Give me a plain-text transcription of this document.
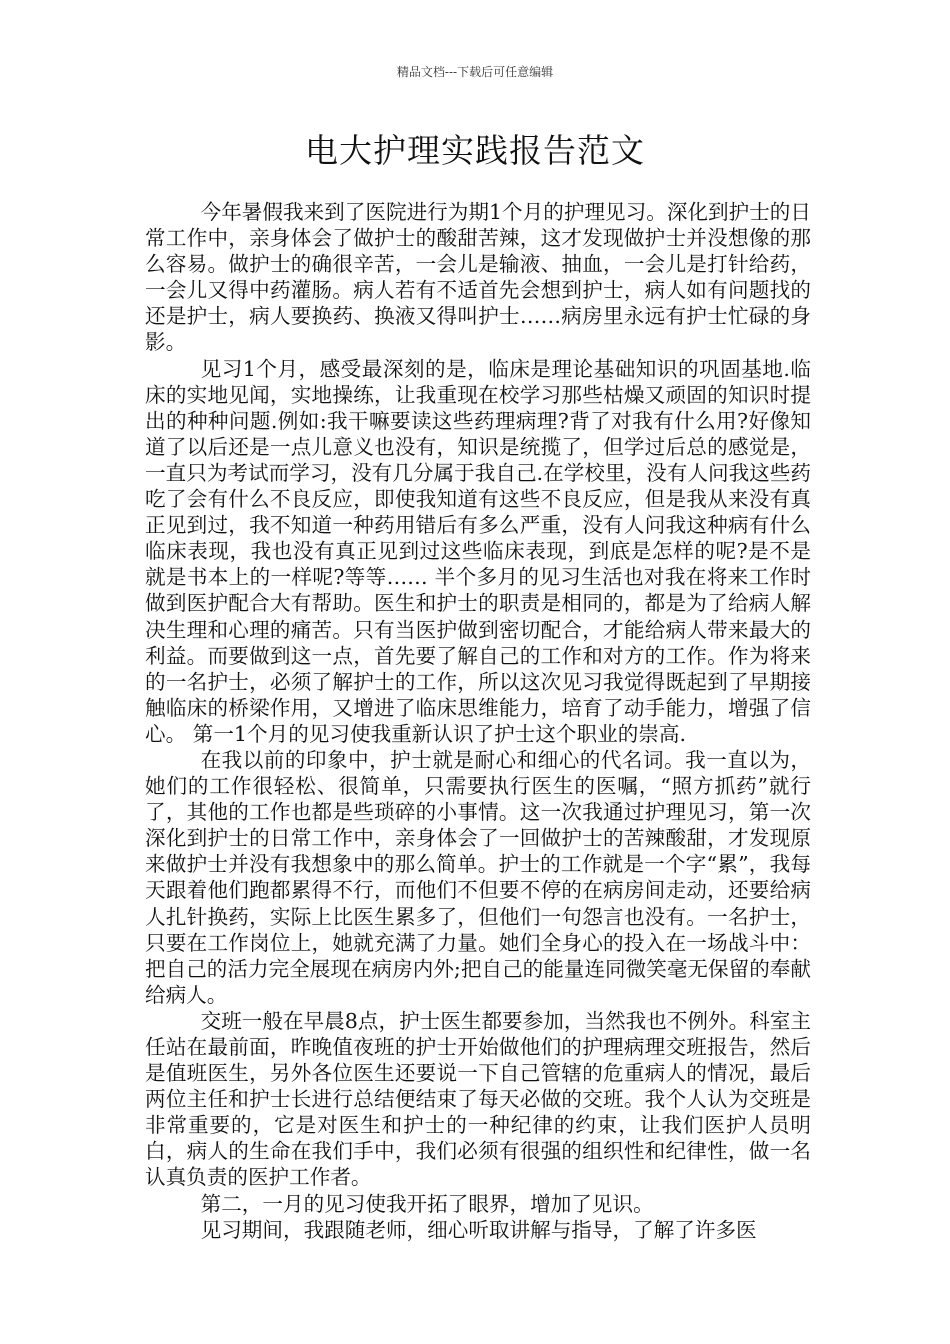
精品文档---下载后可任意编辑
电大护理实践报告范文

今年暑假我来到了医院进行为期1个月的护理见习。深化到护士的日常工作中，亲身体会了做护士的酸甜苦辣，这才发现做护士并没想像的那么容易。做护士的确很辛苦，一会儿是输液、抽血，一会儿是打针给药，一会儿又得中药灌肠。病人若有不适首先会想到护士，病人如有问题找的还是护士，病人要换药、换液又得叫护士……病房里永远有护士忙碌的身影。

见习1个月，感受最深刻的是，临床是理论基础知识的巩固基地.临床的实地见闻，实地操练，让我重现在校学习那些枯燥又顽固的知识时提出的种种问题.例如:我干嘛要读这些药理病理?背了对我有什么用?好像知道了以后还是一点儿意义也没有，知识是统揽了，但学过后总的感觉是，一直只为考试而学习，没有几分属于我自己.在学校里，没有人问我这些药吃了会有什么不良反应，即使我知道有这些不良反应，但是我从来没有真正见到过，我不知道一种药用错后有多么严重，没有人问我这种病有什么临床表现，我也没有真正见到过这些临床表现，到底是怎样的呢?是不是就是书本上的一样呢?等等…… 半个多月的见习生活也对我在将来工作时做到医护配合大有帮助。医生和护士的职责是相同的，都是为了给病人解决生理和心理的痛苦。只有当医护做到密切配合，才能给病人带来最大的利益。而要做到这一点，首先要了解自己的工作和对方的工作。作为将来的一名护士，必须了解护士的工作，所以这次见习我觉得既起到了早期接触临床的桥梁作用，又增进了临床思维能力，培育了动手能力，增强了信心。 第一1个月的见习使我重新认识了护士这个职业的崇高.

在我以前的印象中，护士就是耐心和细心的代名词。我一直以为，她们的工作很轻松、很简单，只需要执行医生的医嘱，“照方抓药”就行了，其他的工作也都是些琐碎的小事情。这一次我通过护理见习，第一次深化到护士的日常工作中，亲身体会了一回做护士的苦辣酸甜，才发现原来做护士并没有我想象中的那么简单。护士的工作就是一个字“累”，我每天跟着他们跑都累得不行，而他们不但要不停的在病房间走动，还要给病人扎针换药，实际上比医生累多了，但他们一句怨言也没有。一名护士，只要在工作岗位上，她就充满了力量。她们全身心的投入在一场战斗中：把自己的活力完全展现在病房内外;把自己的能量连同微笑毫无保留的奉献给病人。

交班一般在早晨8点，护士医生都要参加，当然我也不例外。科室主任站在最前面，昨晚值夜班的护士开始做他们的护理病理交班报告，然后是值班医生，另外各位医生还要说一下自己管辖的危重病人的情况，最后两位主任和护士长进行总结便结束了每天必做的交班。我个人认为交班是非常重要的，它是对医生和护士的一种纪律的约束，让我们医护人员明白，病人的生命在我们手中，我们必须有很强的组织性和纪律性，做一名认真负责的医护工作者。

第二，一月的见习使我开拓了眼界，增加了见识。

见习期间，我跟随老师，细心听取讲解与指导，了解了许多医
